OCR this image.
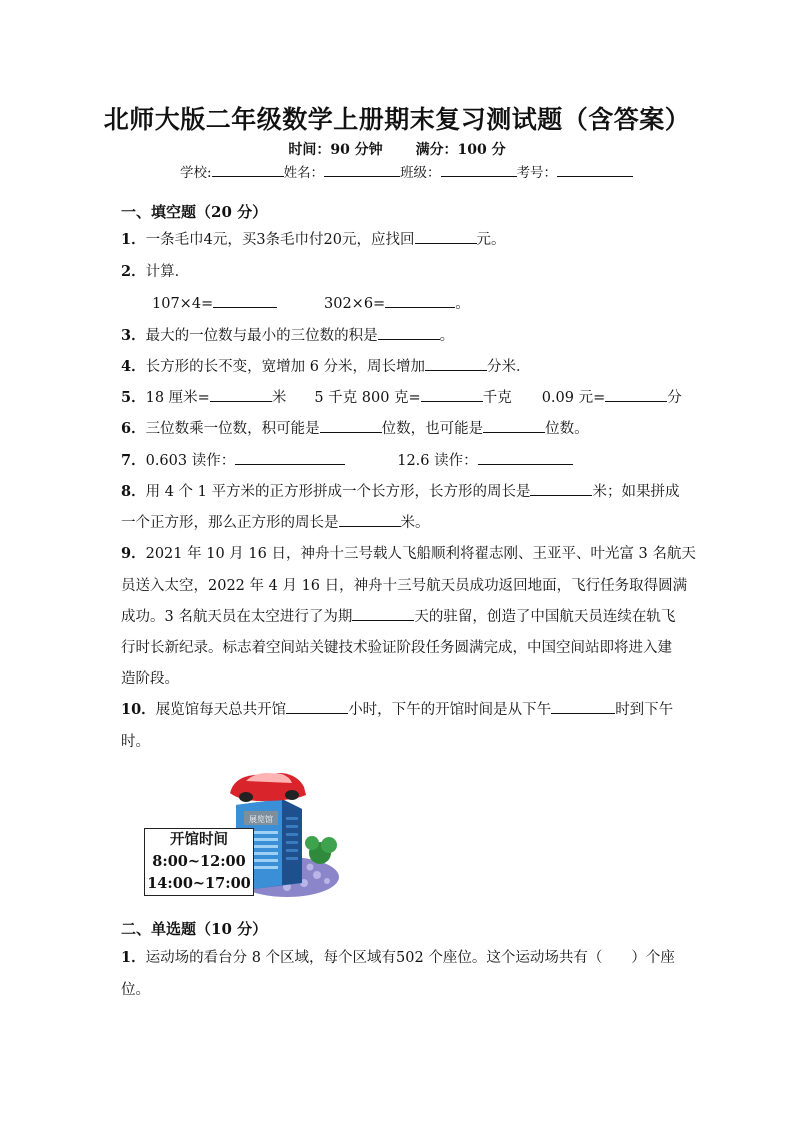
北师大版二年级数学上册期末复习测试题（含答案）
时间：90 分钟 满分：100 分
学校:	姓名：	班级：	考号：
一、填空题（20 分）
1．一条毛巾4元，买3条毛巾付20元，应找回	元。
2．计算．
107×4=	302×6=	。
3．最大的一位数与最小的三位数的积是	。
4．长方形的长不变，宽增加 6 分米，周长增加	分米．
5．18 厘米=	米 5 千克 800 克=	千克 0.09 元=	分
6．三位数乘一位数，积可能是	位数，也可能是	位数。
7．0.603 读作：	12.6 读作：
8．用 4 个 1 平方米的正方形拼成一个长方形，长方形的周长是	米；如果拼成
一个正方形，那么正方形的周长是	米。
9．2021 年 10 月 16 日，神舟十三号载人飞船顺利将翟志刚、王亚平、叶光富 3 名航天
员送入太空，2022 年 4 月 16 日，神舟十三号航天员成功返回地面，飞行任务取得圆满
成功。3 名航天员在太空进行了为期	天的驻留，创造了中国航天员连续在轨飞
行时长新纪录。标志着空间站关键技术验证阶段任务圆满完成，中国空间站即将进入建
造阶段。
10．展览馆每天总共开馆	小时，下午的开馆时间是从下午	时到下午
时。
展览馆
开馆时间
8:00~12:00
14:00~17:00
二、单选题（10 分）
1．运动场的看台分 8 个区域，每个区域有502 个座位。这个运动场共有（　　）个座
位。
